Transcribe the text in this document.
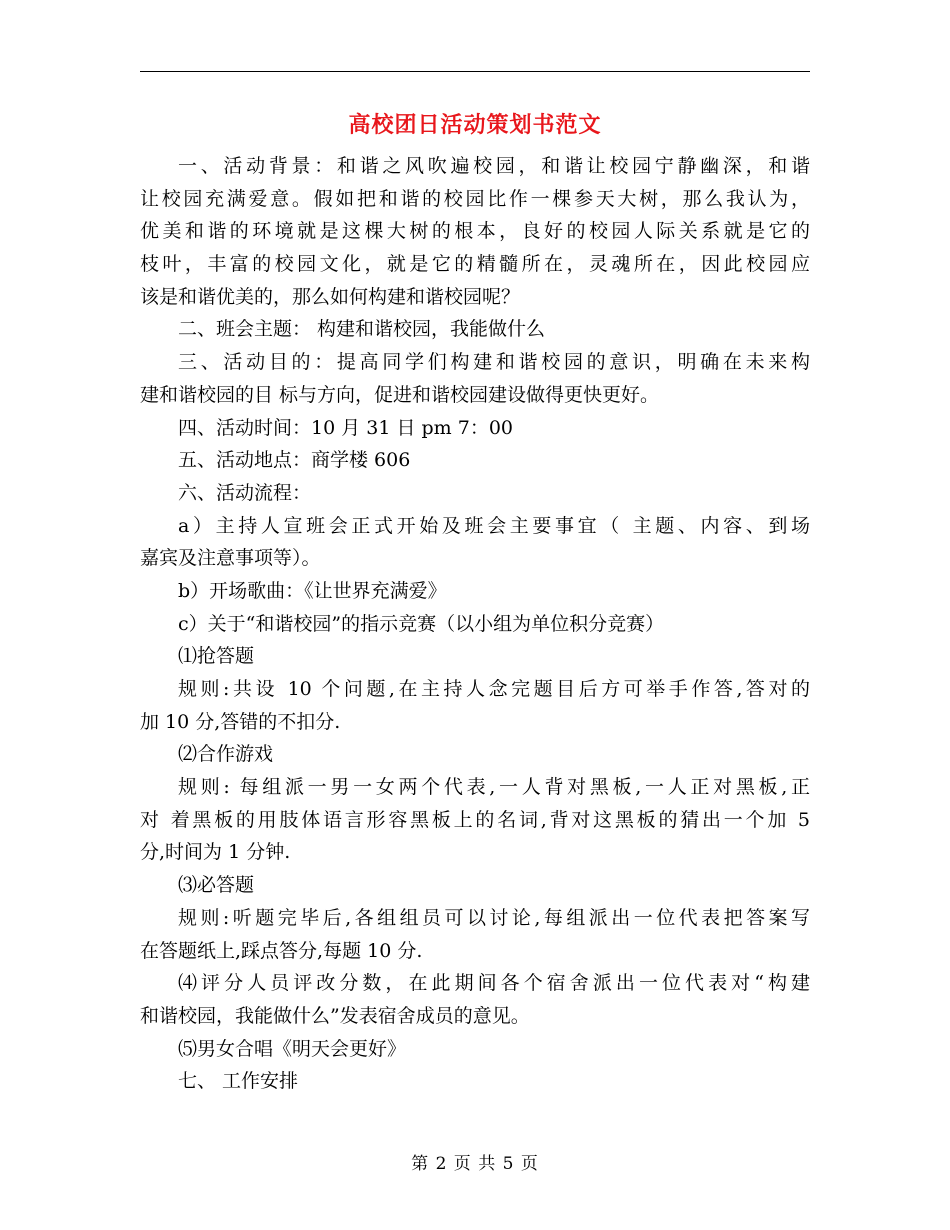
高校团日活动策划书范文
一、活动背景：和谐之风吹遍校园，和谐让校园宁静幽深，和谐
让校园充满爱意。假如把和谐的校园比作一棵参天大树，那么我认为，
优美和谐的环境就是这棵大树的根本，良好的校园人际关系就是它的
枝叶，丰富的校园文化，就是它的精髓所在，灵魂所在，因此校园应
该是和谐优美的，那么如何构建和谐校园呢？
二、班会主题： 构建和谐校园，我能做什么
三、活动目的：提高同学们构建和谐校园的意识，明确在未来构
建和谐校园的目 标与方向，促进和谐校园建设做得更快更好。
四、活动时间：10 月 31 日 pm 7：00
五、活动地点：商学楼 606
六、活动流程：
a）主持人宣班会正式开始及班会主要事宜（ 主题、内容、到场
嘉宾及注意事项等）。
b）开场歌曲：《让世界充满爱》
c）关于“和谐校园”的指示竞赛（以小组为单位积分竞赛）
⑴抢答题
规则:共设 10 个问题,在主持人念完题目后方可举手作答,答对的
加 10 分,答错的不扣分.
⑵合作游戏
规则: 每组派一男一女两个代表,一人背对黑板,一人正对黑板,正
对 着黑板的用肢体语言形容黑板上的名词,背对这黑板的猜出一个加 5
分,时间为 1 分钟.
⑶必答题
规则:听题完毕后,各组组员可以讨论,每组派出一位代表把答案写
在答题纸上,踩点答分,每题 10 分.
⑷评分人员评改分数，在此期间各个宿舍派出一位代表对“构建
和谐校园，我能做什么”发表宿舍成员的意见。
⑸男女合唱《明天会更好》
七、 工作安排
第 2 页 共 5 页
